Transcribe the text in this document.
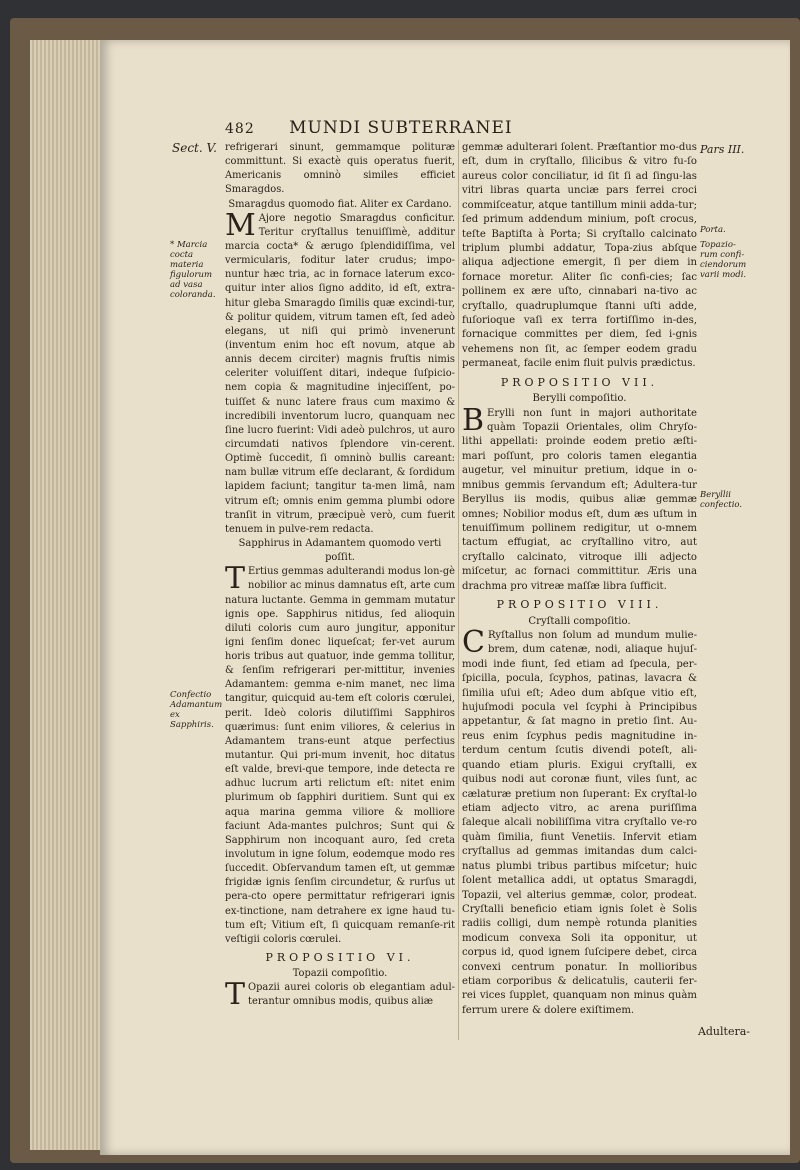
482 MUNDI SUBTERRANEI
Sect. V.
* Marcia cocta materia figulorum ad vasa coloranda.
Confectio Adamantum ex Sapphiris.
Pars III.
Porta.
Topazio-rum confi-ciendorum varii modi.
Beryllii confectio.

refrigerari sinunt, gemmamque polituræ committunt. Si exactè quis operatus fuerit, Americanis omninò similes efficiet Smaragdos.

Smaragdus quomodo fiat. Aliter ex Cardano.

M Ajore negotio Smaragdus conficitur. Teritur cryſtallus tenuiſſimè, additur marcia cocta* & ærugo ſplendidiſſima, vel vermicularis, foditur later crudus; impo-nuntur hæc tria, ac in fornace laterum exco-quitur inter alios ſigno addito, id eſt, extra-hitur gleba Smaragdo ſimilis quæ excindi-tur, & politur quidem, vitrum tamen eſt, ſed adeò elegans, ut niſi qui primò invenerunt (inventum enim hoc eſt novum, atque ab annis decem circiter) magnis fruſtis nimis celeriter voluiſſent ditari, indeque ſuſpicio-nem copia & magnitudine injeciſſent, po-tuiſſet & nunc latere fraus cum maximo & incredibili inventorum lucro, quanquam nec ſine lucro fuerint: Vidi adeò pulchros, ut auro circumdati nativos ſplendore vin-cerent. Optimè ſuccedit, ſi omninò bullis careant: nam bullæ vitrum eſſe declarant, & ſordidum lapidem faciunt; tangitur ta-men limâ, nam vitrum eſt; omnis enim gemma plumbi odore tranſit in vitrum, præcipuè verò, cum fuerit tenuem in pulve-rem redacta.

Sapphirus in Adamantem quomodo verti poſſit.

T Ertius gemmas adulterandi modus lon-gè nobilior ac minus damnatus eſt, arte cum natura luctante. Gemma in gemmam mutatur ignis ope. Sapphirus nitidus, ſed alioquin diluti coloris cum auro jungitur, apponitur igni ſenſim donec liqueſcat; fer-vet aurum horis tribus aut quatuor, inde gemma tollitur, & ſenſim refrigerari per-mittitur, invenies Adamantem: gemma e-nim manet, nec lima tangitur, quicquid au-tem eſt coloris cœrulei, perit. Ideò coloris dilutiſſimi Sapphiros quærimus: ſunt enim viliores, & celerius in Adamantem trans-eunt atque perfectius mutantur. Qui pri-mum invenit, hoc ditatus eſt valde, brevi-que tempore, inde detecta re adhuc lucrum arti relictum eſt: nitet enim plurimum ob ſapphiri duritiem. Sunt qui ex aqua marina gemma viliore & molliore faciunt Ada-mantes pulchros; Sunt qui & Sapphirum non incoquant auro, ſed creta involutum in igne ſolum, eodemque modo res ſuccedit. Obſervandum tamen eſt, ut gemmæ frigidæ ignis ſenſim circundetur, & rurſus ut pera-cto opere permittatur refrigerari ignis ex-tinctione, nam detrahere ex igne haud tu-tum eſt; Vitium eſt, ſi quicquam remanſe-rit veſtigii coloris cœrulei.

PROPOSITIO VI.

Topazii compoſitio.

T Opazii aurei coloris ob elegantiam adul-terantur omnibus modis, quibus aliæ

gemmæ adulterari ſolent. Præſtantior mo-dus eſt, dum in cryſtallo, ſilicibus & vitro fu-ſo aureus color conciliatur, id ſit ſi ad ſingu-las vitri libras quarta unciæ pars ferrei croci commiſceatur, atque tantillum minii adda-tur; ſed primum addendum minium, poſt crocus, teſte Baptiſta à Porta; Si cryſtallo calcinato triplum plumbi addatur, Topa-zius abſque aliqua adjectione emergit, ſi per diem in fornace moretur. Aliter ſic confi-cies; ſac pollinem ex ære uſto, cinnabari na-tivo ac cryſtallo, quadruplumque ſtanni uſti adde, fuſorioque vaſi ex terra fortiſſimo in-des, fornacique committes per diem, ſed i-gnis vehemens non ſit, ac ſemper eodem gradu permaneat, facile enim fluit pulvis prædictus.

PROPOSITIO VII.

Berylli compoſitio.

B Erylli non ſunt in majori authoritate quàm Topazii Orientales, olim Chryſo-lithi appellati: proinde eodem pretio æſti-mari poſſunt, pro coloris tamen elegantia augetur, vel minuitur pretium, idque in o-mnibus gemmis ſervandum eſt; Adultera-tur Beryllus iis modis, quibus aliæ gemmæ omnes; Nobilior modus eſt, dum æs uſtum in tenuiſſimum pollinem redigitur, ut o-mnem tactum effugiat, ac cryſtallino vitro, aut cryſtallo calcinato, vitroque illi adjecto miſcetur, ac fornaci committitur. Æris una drachma pro vitreæ maſſæ libra ſufficit.

PROPOSITIO VIII.

Cryſtalli compoſitio.

C Ryſtallus non ſolum ad mundum mulie-brem, dum catenæ, nodi, aliaque hujuſ-modi inde fiunt, ſed etiam ad ſpecula, per-ſpicilla, pocula, ſcyphos, patinas, lavacra & ſimilia uſui eſt; Adeo dum abſque vitio eſt, hujuſmodi pocula vel ſcyphi à Principibus appetantur, & ſat magno in pretio ſint. Au-reus enim ſcyphus pedis magnitudine in-terdum centum ſcutis divendi poteſt, ali-quando etiam pluris. Exigui cryſtalli, ex quibus nodi aut coronæ fiunt, viles ſunt, ac cælaturæ pretium non ſuperant: Ex cryſtal-lo etiam adjecto vitro, ac arena puriſſima ſaleque alcali nobiliſſima vitra cryſtallo ve-ro quàm ſimilia, fiunt Venetiis. Infervit etiam cryſtallus ad gemmas imitandas dum calci-natus plumbi tribus partibus miſcetur; huic ſolent metallica addi, ut optatus Smaragdi, Topazii, vel alterius gemmæ, color, prodeat. Cryſtalli beneficio etiam ignis ſolet è Solis radiis colligi, dum nempè rotunda planities modicum convexa Soli ita opponitur, ut corpus id, quod ignem ſuſcipere debet, circa convexi centrum ponatur. In mollioribus etiam corporibus & delicatulis, cauterii fer-rei vices ſupplet, quanquam non minus quàm ferrum urere & dolere exiſtimem.

Adultera-
